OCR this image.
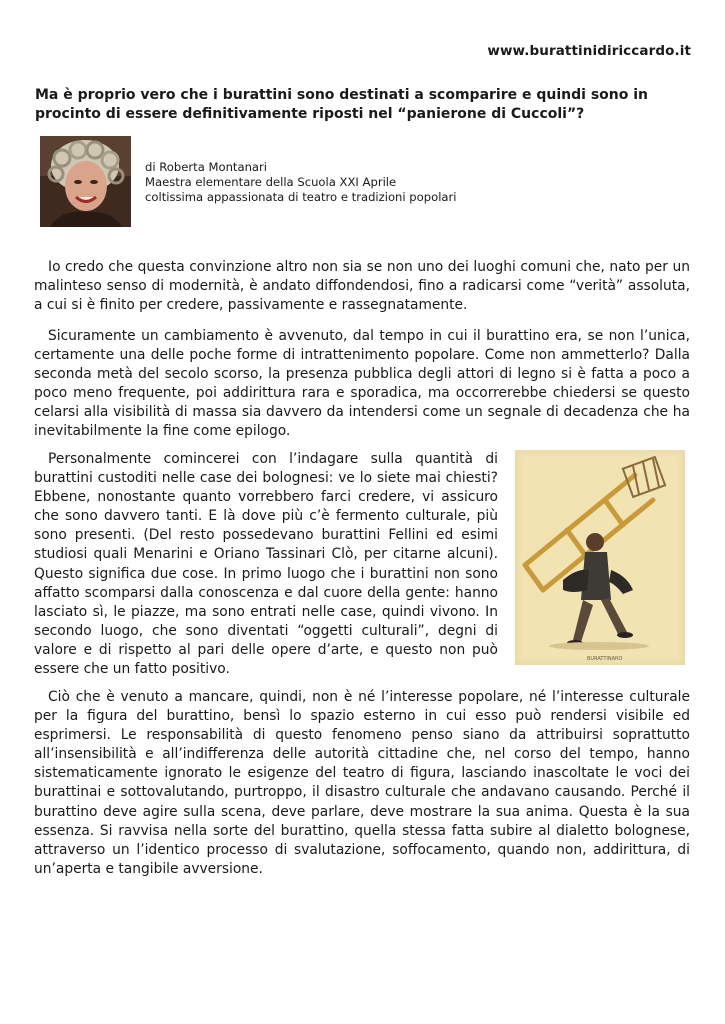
www.burattinidiriccardo.it
Ma è proprio vero che i burattini sono destinati a scomparire e quindi sono in procinto di essere definitivamente riposti nel “panierone di Cuccoli”?
di Roberta Montanari
Maestra elementare della Scuola XXI Aprile
coltissima appassionata di teatro e tradizioni popolari

Io credo che questa convinzione altro non sia se non uno dei luoghi comuni che, nato per un malinteso senso di modernità, è andato diffondendosi, fino a radicarsi come “verità” assoluta, a cui si è finito per credere, passivamente e rassegnatamente.

Sicuramente un cambiamento è avvenuto, dal tempo in cui il burattino era, se non l’unica, certamente una delle poche forme di intrattenimento popolare. Come non ammetterlo? Dalla seconda metà del secolo scorso, la presenza pubblica degli attori di legno si è fatta a poco a poco meno frequente, poi addirittura rara e sporadica, ma occorrerebbe chiedersi se questo celarsi alla visibilità di massa sia davvero da intendersi come un segnale di decadenza che ha inevitabilmente la fine come epilogo.

Personalmente comincerei con l’indagare sulla quantità di burattini custoditi nelle case dei bolognesi: ve lo siete mai chiesti? Ebbene, nonostante quanto vorrebbero farci credere, vi assicuro che sono davvero tanti. E là dove più c’è fermento culturale, più sono presenti. (Del resto possedevano burattini Fellini ed esimi studiosi quali Menarini e Oriano Tassinari Clò, per citarne alcuni). Questo significa due cose. In primo luogo che i burattini non sono affatto scomparsi dalla conoscenza e dal cuore della gente: hanno lasciato sì, le piazze, ma sono entrati nelle case, quindi vivono. In secondo luogo, che sono diventati “oggetti culturali”, degni di valore e di rispetto al pari delle opere d’arte, e questo non può essere che un fatto positivo.

BURATTINARO

Ciò che è venuto a mancare, quindi, non è né l’interesse popolare, né l’interesse culturale per la figura del burattino, bensì lo spazio esterno in cui esso può rendersi visibile ed esprimersi. Le responsabilità di questo fenomeno penso siano da attribuirsi soprattutto all’insensibilità e all’indifferenza delle autorità cittadine che, nel corso del tempo, hanno sistematicamente ignorato le esigenze del teatro di figura, lasciando inascoltate le voci dei burattinai e sottovalutando, purtroppo, il disastro culturale che andavano causando. Perché il burattino deve agire sulla scena, deve parlare, deve mostrare la sua anima. Questa è la sua essenza. Si ravvisa nella sorte del burattino, quella stessa fatta subire al dialetto bolognese, attraverso un l’identico processo di svalutazione, soffocamento, quando non, addirittura, di un’aperta e tangibile avversione.
